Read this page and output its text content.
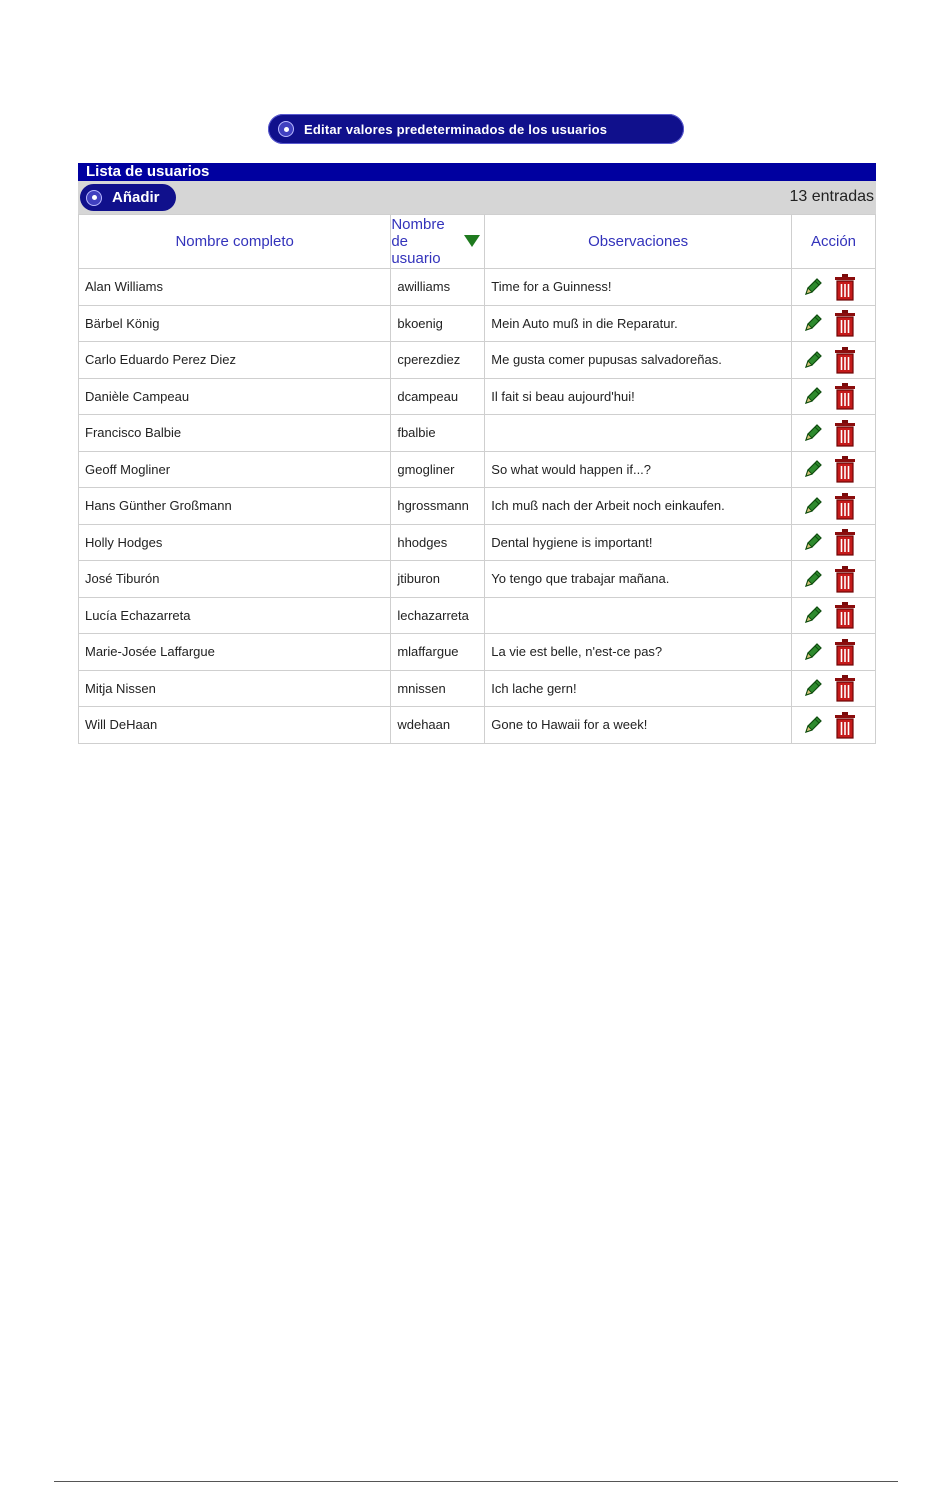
Editar valores predeterminados de los usuarios
Lista de usuarios
Añadir	13 entradas
Nombre completo	Nombre de usuario	Observaciones	Acción
Alan Williams	awilliams	Time for a Guinness!	

Bärbel König	bkoenig	Mein Auto muß in die Reparatur.	

Carlo Eduardo Perez Diez	cperezdiez	Me gusta comer pupusas salvadoreñas.	

Danièle Campeau	dcampeau	Il fait si beau aujourd'hui!	

Francisco Balbie	fbalbie		

Geoff Mogliner	gmogliner	So what would happen if...?	

Hans Günther Großmann	hgrossmann	Ich muß nach der Arbeit noch einkaufen.	

Holly Hodges	hhodges	Dental hygiene is important!	

José Tiburón	jtiburon	Yo tengo que trabajar mañana.	

Lucía Echazarreta	lechazarreta		

Marie-Josée Laffargue	mlaffargue	La vie est belle, n'est-ce pas?	

Mitja Nissen	mnissen	Ich lache gern!	

Will DeHaan	wdehaan	Gone to Hawaii for a week!	
